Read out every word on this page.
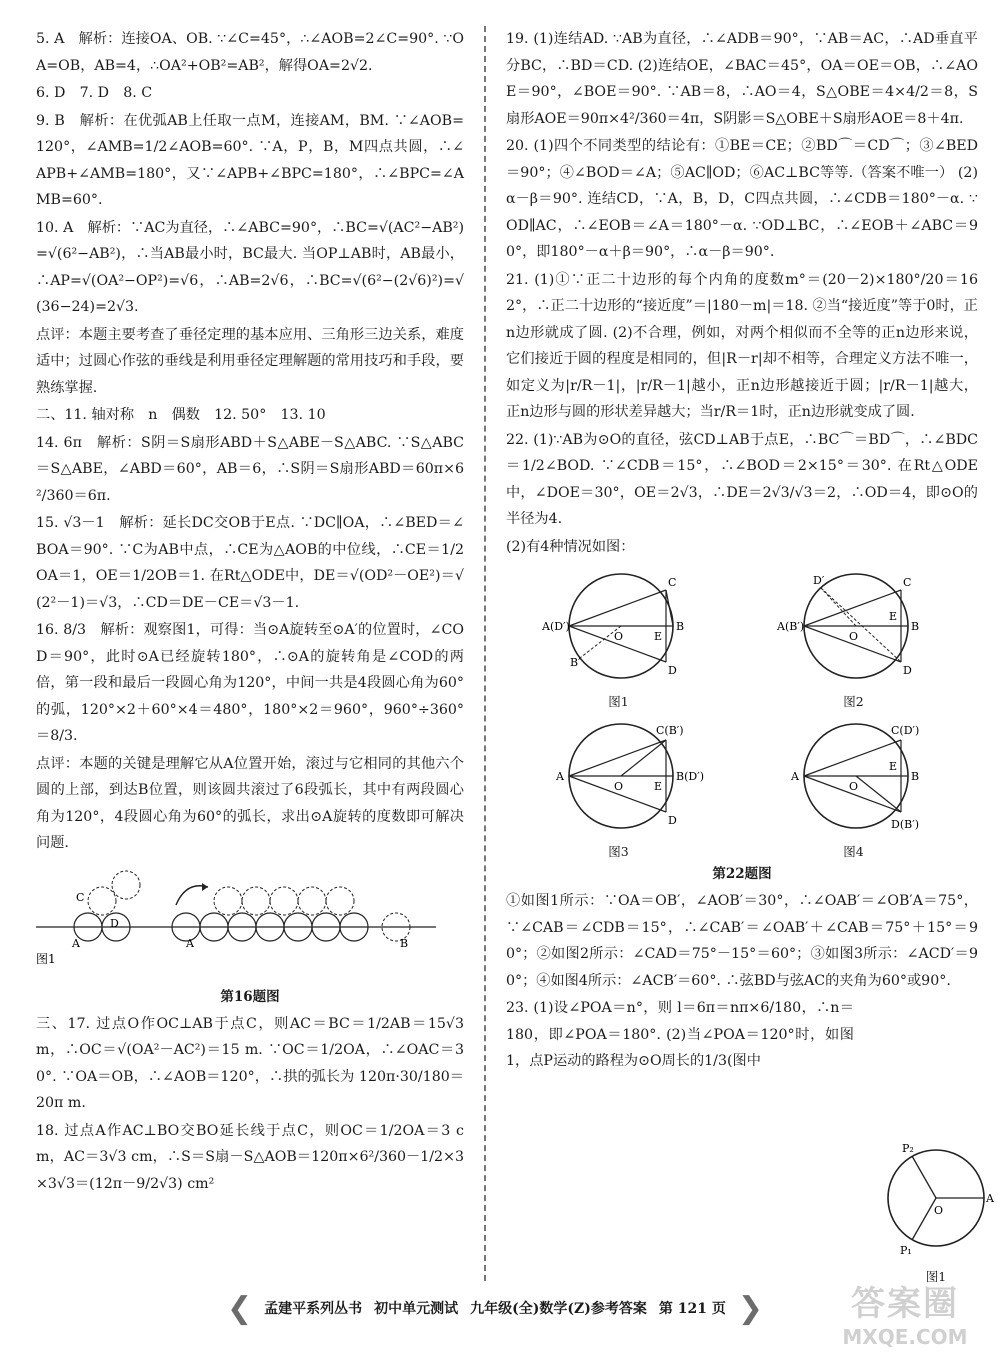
5. A　解析：连接OA、OB. ∵∠C=45°，∴∠AOB=2∠C=90°. ∵OA=OB，AB=4，∴OA²+OB²=AB²，解得OA=2√2.

6. D　7. D　8. C

9. B　解析：在优弧AB上任取一点M，连接AM，BM. ∵∠AOB=120°，∠AMB=1/2∠AOB=60°. ∵A，P，B，M四点共圆，∴∠APB+∠AMB=180°，又∵∠APB+∠BPC=180°，∴∠BPC=∠AMB=60°.

10. A　解析：∵AC为直径，∴∠ABC=90°，∴BC=√(AC²−AB²)=√(6²−AB²)，∴当AB最小时，BC最大. 当OP⊥AB时，AB最小，∴AP=√(OA²−OP²)=√6，∴AB=2√6，∴BC=√(6²−(2√6)²)=√(36−24)=2√3.

点评：本题主要考查了垂径定理的基本应用、三角形三边关系，难度适中；过圆心作弦的垂线是利用垂径定理解题的常用技巧和手段，要熟练掌握.

二、11. 轴对称　n　偶数　12. 50°　13. 10

14. 6π　解析：S阴＝S扇形ABD＋S△ABE－S△ABC. ∵S△ABC＝S△ABE，∠ABD＝60°，AB＝6，∴S阴＝S扇形ABD＝60π×6²/360＝6π.

15. √3－1　解析：延长DC交OB于E点. ∵DC∥OA，∴∠BED＝∠BOA＝90°. ∵C为AB中点，∴CE为△AOB的中位线，∴CE＝1/2OA＝1，OE＝1/2OB＝1. 在Rt△ODE中，DE＝√(OD²－OE²)＝√(2²－1)＝√3，∴CD＝DE－CE＝√3－1.

16. 8/3　解析：观察图1，可得：当⊙A旋转至⊙A′的位置时，∠COD＝90°，此时⊙A已经旋转180°，∴⊙A的旋转角是∠COD的两倍，第一段和最后一段圆心角为120°，中间一共是4段圆心角为60°的弧，120°×2＋60°×4＝480°，180°×2＝960°，960°÷360°＝8/3.

点评：本题的关键是理解它从A位置开始，滚过与它相同的其他六个圆的上部，到达B位置，则该圆共滚过了6段弧长，其中有两段圆心角为120°，4段圆心角为60°的弧长，求出⊙A旋转的度数即可解决问题.

A	A	B
C
D
图1
第16题图

三、17. 过点O作OC⊥AB于点C，则AC＝BC＝1/2AB＝15√3 m，∴OC＝√(OA²－AC²)＝15 m. ∵OC＝1/2OA，∴∠OAC＝30°. ∵OA＝OB，∴∠AOB＝120°，∴拱的弧长为 120π·30/180＝20π m.

18. 过点A作AC⊥BO交BO延长线于点C，则OC＝1/2OA＝3 cm，AC＝3√3 cm，∴S＝S扇－S△AOB＝120π×6²/360－1/2×3×3√3＝(12π－9/2√3) cm²

19. (1)连结AD. ∵AB为直径，∴∠ADB＝90°，∵AB＝AC，∴AD垂直平分BC，∴BD＝CD. (2)连结OE，∠BAC＝45°，OA＝OE＝OB，∴∠AOE＝90°，∠BOE＝90°. ∵AB＝8，∴AO＝4，S△OBE＝4×4/2＝8，S扇形AOE＝90π×4²/360＝4π，S阴影＝S△OBE＋S扇形AOE＝8＋4π.

20. (1)四个不同类型的结论有：①BE＝CE；②BD⌒＝CD⌒；③∠BED＝90°；④∠BOD＝∠A；⑤AC∥OD；⑥AC⊥BC等等.（答案不唯一） (2)α－β＝90°. 连结CD，∵A，B，D，C四点共圆，∴∠CDB＝180°－α. ∵OD∥AC，∴∠EOB＝∠A＝180°－α. ∵OD⊥BC，∴∠EOB＋∠ABC＝90°，即180°－α＋β＝90°，∴α－β＝90°.

21. (1)①∵正二十边形的每个内角的度数m°＝(20－2)×180°/20＝162°，∴正二十边形的“接近度”＝|180－m|＝18. ②当“接近度”等于0时，正n边形就成了圆. (2)不合理，例如，对两个相似而不全等的正n边形来说，它们接近于圆的程度是相同的，但|R－r|却不相等，合理定义方法不唯一，如定义为|r/R－1|，|r/R－1|越小，正n边形越接近于圆；|r/R－1|越大，正n边形与圆的形状差异越大；当r/R＝1时，正n边形就变成了圆.

22. (1)∵AB为⊙O的直径，弦CD⊥AB于点E，∴BC⌒＝BD⌒，∴∠BDC＝1/2∠BOD. ∵∠CDB＝15°，∴∠BOD＝2×15°＝30°. 在Rt△ODE中，∠DOE＝30°，OE＝2√3，∴DE＝2√3/√3＝2，∴OD＝4，即⊙O的半径为4.

(2)有4种情况如图：

A(D′)
C
B
D
O	E
B′
图1
A(B′)
D′	C
B
D
O
E
图2
A
C(B′)
B(D′)
D
O	E
图3
A
C(D′)
B
D(B′)
O
E
图4
第22题图

①如图1所示：∵OA＝OB′，∠AOB′＝30°，∴∠OAB′＝∠OB′A＝75°，∵∠CAB＝∠CDB＝15°，∴∠CAB′＝∠OAB′＋∠CAB＝75°＋15°＝90°；②如图2所示：∠CAD＝75°－15°＝60°；③如图3所示：∠ACD′＝90°；④如图4所示：∠ACB′＝60°. ∴弦BD与弦AC的夹角为60°或90°.

23. (1)设∠POA＝n°，则 l＝6π＝nπ×6/180，∴n＝180，即∠POA＝180°. (2)当∠POA＝120°时，如图1，点P运动的路程为⊙O周长的1/3(图中

A
O
P₂
P₁
图1
❮ 孟建平系列丛书 初中单元测试 九年级(全)数学(Z)参考答案 第 121 页 ❯	答案圈
MXQE.COM
